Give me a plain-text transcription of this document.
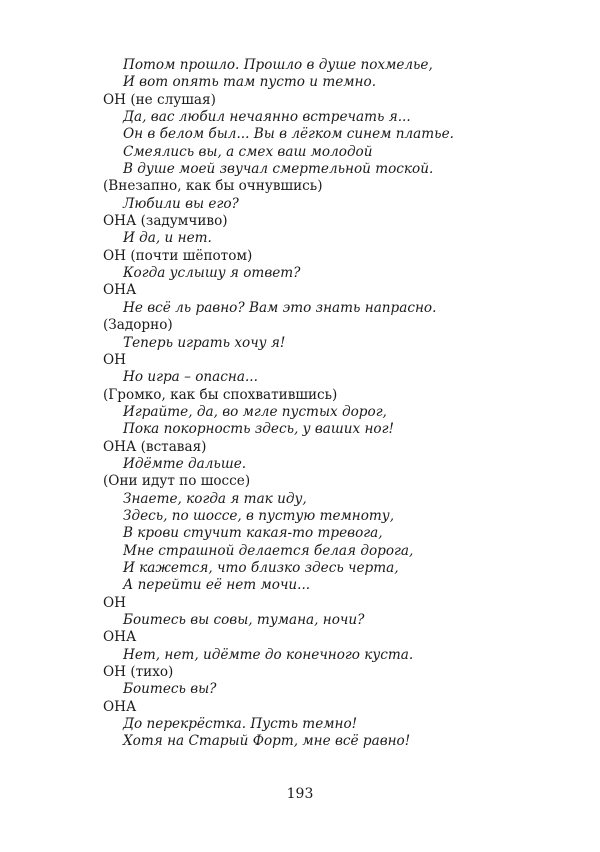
Потом прошло. Прошло в душе похмелье,
И вот опять там пусто и темно.
ОН (не слушая)
Да, вас любил нечаянно встречать я...
Он в белом был... Вы в лёгком синем платье.
Смеялись вы, а смех ваш молодой
В душе моей звучал смертельной тоской.
(Внезапно, как бы очнувшись)
Любили вы его?
ОНА (задумчиво)
И да, и нет.
ОН (почти шёпотом)
Когда услышу я ответ?
ОНА
Не всё ль равно? Вам это знать напрасно.
(Задорно)
Теперь играть хочу я!
ОН
Но игра – опасна...
(Громко, как бы спохватившись)
Играйте, да, во мгле пустых дорог,
Пока покорность здесь, у ваших ног!
ОНА (вставая)
Идёмте дальше.
(Они идут по шоссе)
Знаете, когда я так иду,
Здесь, по шоссе, в пустую темноту,
В крови стучит какая-то тревога,
Мне страшной делается белая дорога,
И кажется, что близко здесь черта,
А перейти её нет мочи...
ОН
Боитесь вы совы, тумана, ночи?
ОНА
Нет, нет, идёмте до конечного куста.
ОН (тихо)
Боитесь вы?
ОНА
До перекрёстка. Пусть темно!
Хотя на Старый Форт, мне всё равно!
193
